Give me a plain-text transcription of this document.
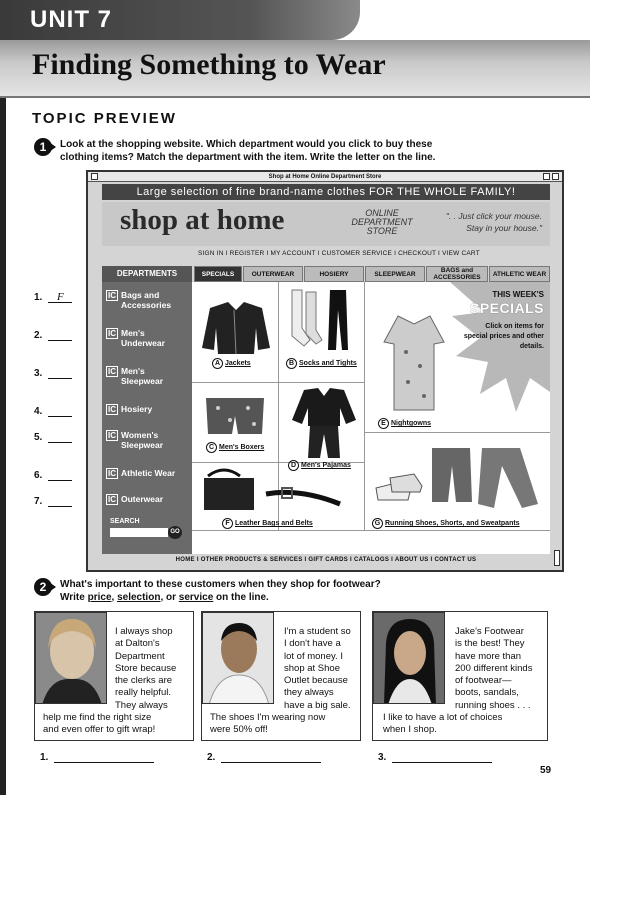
UNIT 7
Finding Something to Wear
TOPIC PREVIEW
1	Look at the shopping website. Which department would you click to buy these
clothing items? Match the department with the item. Write the letter on the line.
Shop at Home Online Department Store
Large selection of fine brand-name clothes FOR THE WHOLE FAMILY!
shop at home	ONLINE
DEPARTMENT
STORE
". . Just click your mouse.
Stay in your house."
SIGN IN I REGISTER I MY ACCOUNT I CUSTOMER SERVICE I CHECKOUT I VIEW CART
DEPARTMENTS	SPECIALS	OUTERWEAR	HOSIERY	SLEEPWEAR	BAGS and ACCESSORIES	ATHLETIC WEAR
IC Bags and Accessories
IC Men's Underwear
IC Men's Sleepwear
IC Hosiery
IC Women's Sleepwear
IC Athletic Wear
IC Outerwear
SEARCH
GO
A Jackets	B Socks and Tights
C Men's Boxers
D Men's Pajamas
E Nightgowns
F Leather Bags and Belts	G Running Shoes, Shorts, and Sweatpants
THIS WEEK'S
SPECIALS
Click on items for special prices and other details.
HOME I OTHER PRODUCTS & SERVICES I GIFT CARDS I CATALOGS I ABOUT US I CONTACT US
1.	F
2.
3.
4.
5.
6.
7.
2	What's important to these customers when they shop for footwear?
Write price, selection, or service on the line.
I always shop
at Dalton's
Department
Store because
the clerks are
really helpful.
They always
help me find the right size
and even offer to gift wrap!
I'm a student so
I don't have a
lot of money. I
shop at Shoe
Outlet because
they always
have a big sale.
The shoes I'm wearing now
were 50% off!
Jake's Footwear
is the best! They
have more than
200 different kinds
of footwear—
boots, sandals,
running shoes . . .
I like to have a lot of choices
when I shop.
1.	2.	3.
59
